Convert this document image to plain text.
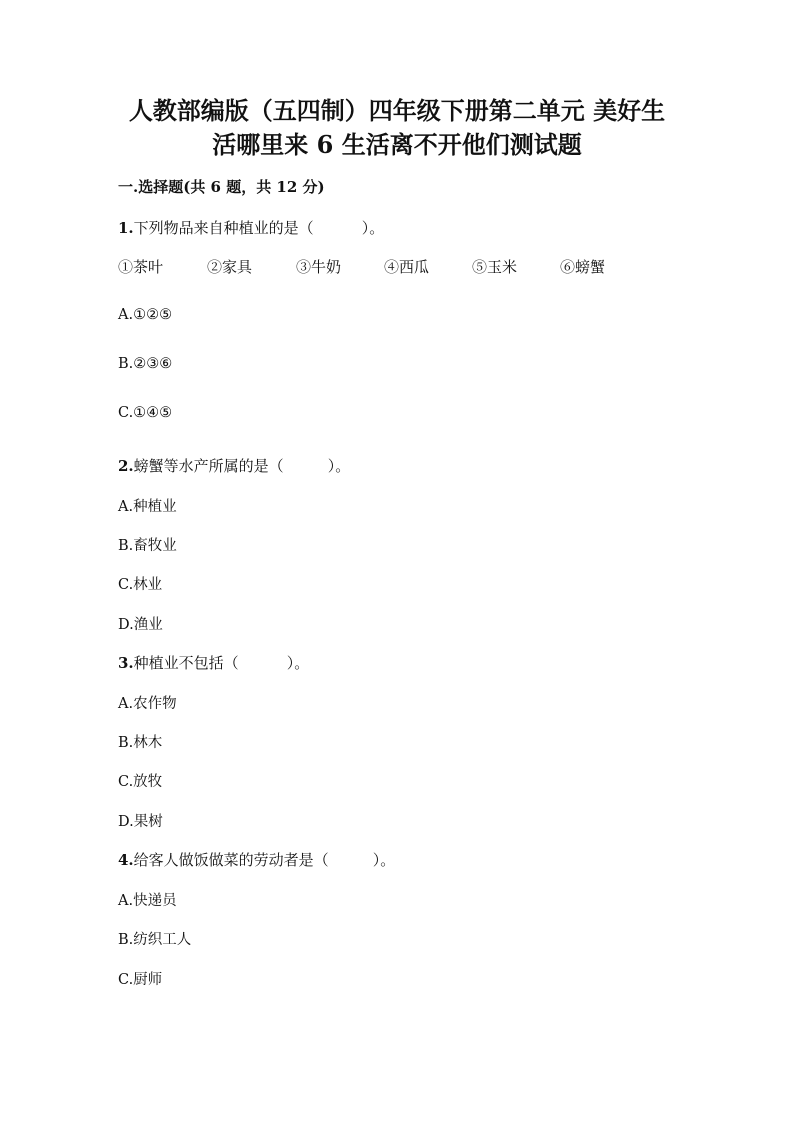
人教部编版（五四制）四年级下册第二单元 美好生
活哪里来 6 生活离不开他们测试题
一.选择题(共 6 题，共 12 分)
1.下列物品来自种植业的是（	）。
①茶叶	②家具	③牛奶	④西瓜	⑤玉米	⑥螃蟹
A.①②⑤
B.②③⑥
C.①④⑤
2.螃蟹等水产所属的是（	）。
A.种植业
B.畜牧业
C.林业
D.渔业
3.种植业不包括（	）。
A.农作物
B.林木
C.放牧
D.果树
4.给客人做饭做菜的劳动者是（	）。
A.快递员
B.纺织工人
C.厨师
